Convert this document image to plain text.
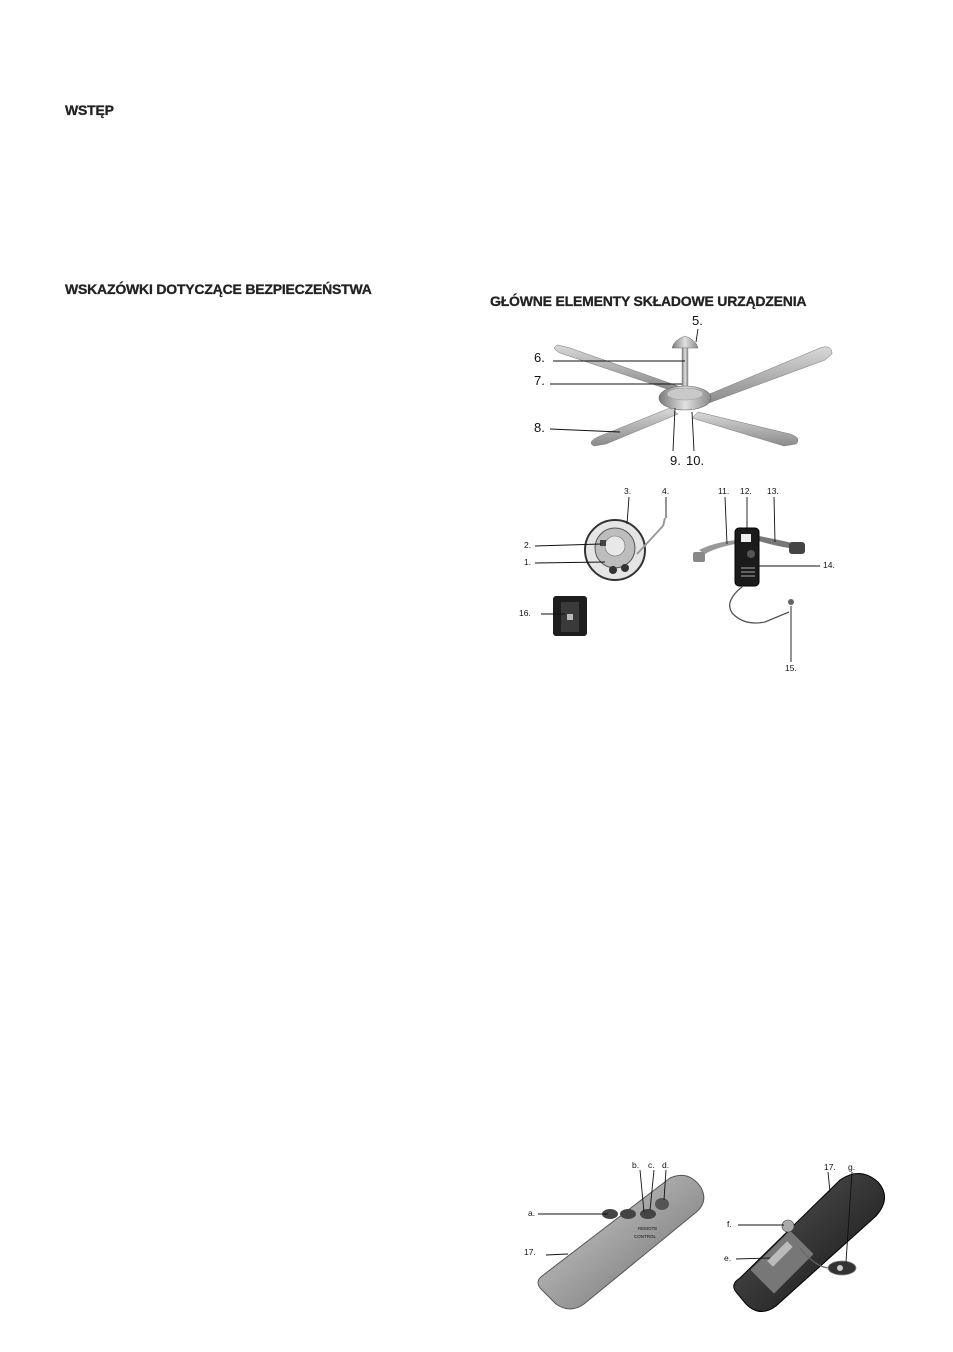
WSTĘP
WSKAZÓWKI DOTYCZĄCE BEZPIECZEŃSTWA
GŁÓWNE ELEMENTY SKŁADOWE URZĄDZENIA
5.
6.
7.
8.
9. 10.
3.	4.
2.
1.
16.
11. 12. 13.
14.
15.
REMOTE
CONTROL
a.
17.
b. c. d.	17. g.
f.
e.
